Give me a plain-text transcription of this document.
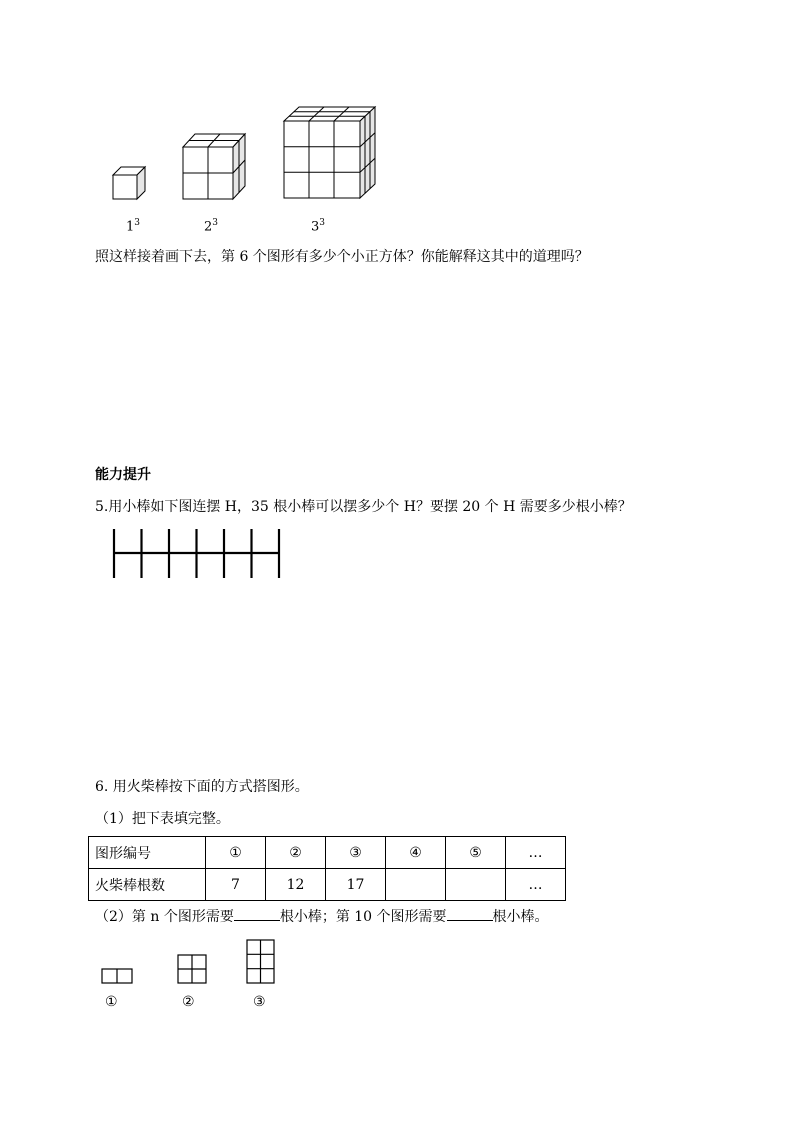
$1^3$	$2^3$	$3^3$
照这样接着画下去，第 6 个图形有多少个小正方体？你能解释这其中的道理吗？
能力提升
5.用小棒如下图连摆 H，35 根小棒可以摆多少个 H？要摆 20 个 H 需要多少根小棒？
6. 用火柴棒按下面的方式搭图形。
（1）把下表填完整。
图形编号	①	②	③	④	⑤	…
火柴棒根数	7	12	17			…
（2）第 n 个图形需要	根小棒；第 10 个图形需要	根小棒。
①	②	③
